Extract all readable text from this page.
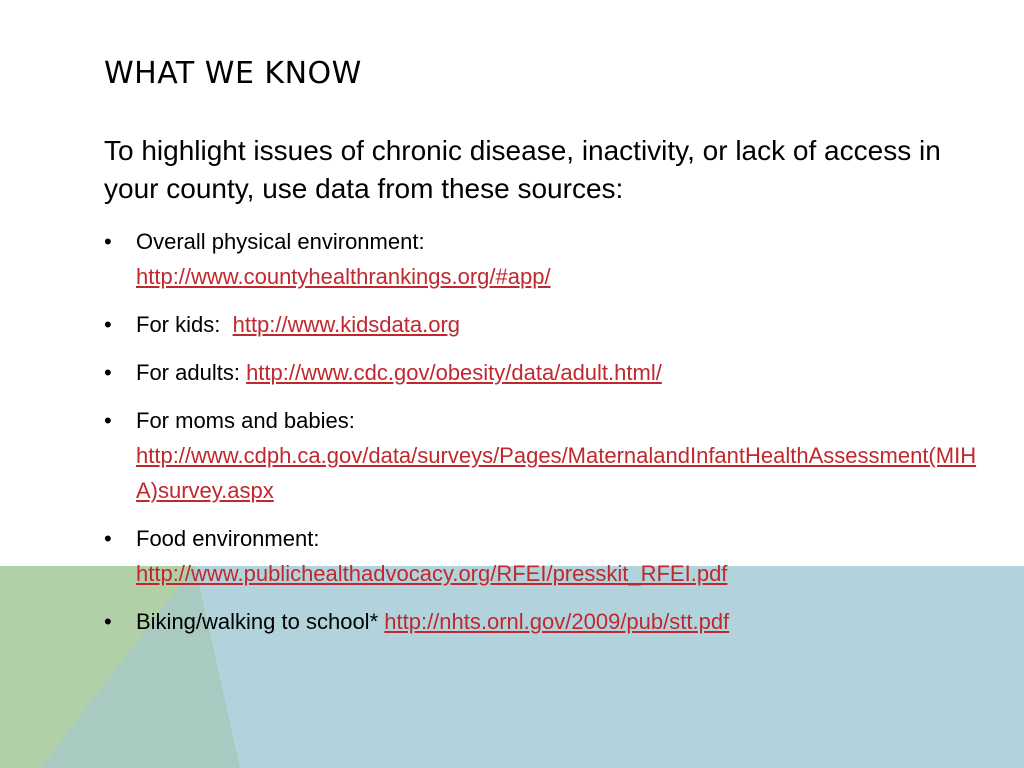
WHAT WE KNOW

To highlight issues of chronic disease, inactivity, or lack of access in your county, use data from these sources:

• Overall physical environment:
http://www.countyhealthrankings.org/#app/
• For kids: http://www.kidsdata.org
• For adults: http://www.cdc.gov/obesity/data/adult.html/
• For moms and babies:
http://www.cdph.ca.gov/data/surveys/Pages/MaternalandInfantHealthAssessment(MIHA)survey.aspx
• Food environment:
http://www.publichealthadvocacy.org/RFEI/presskit_RFEI.pdf
• Biking/walking to school* http://nhts.ornl.gov/2009/pub/stt.pdf
